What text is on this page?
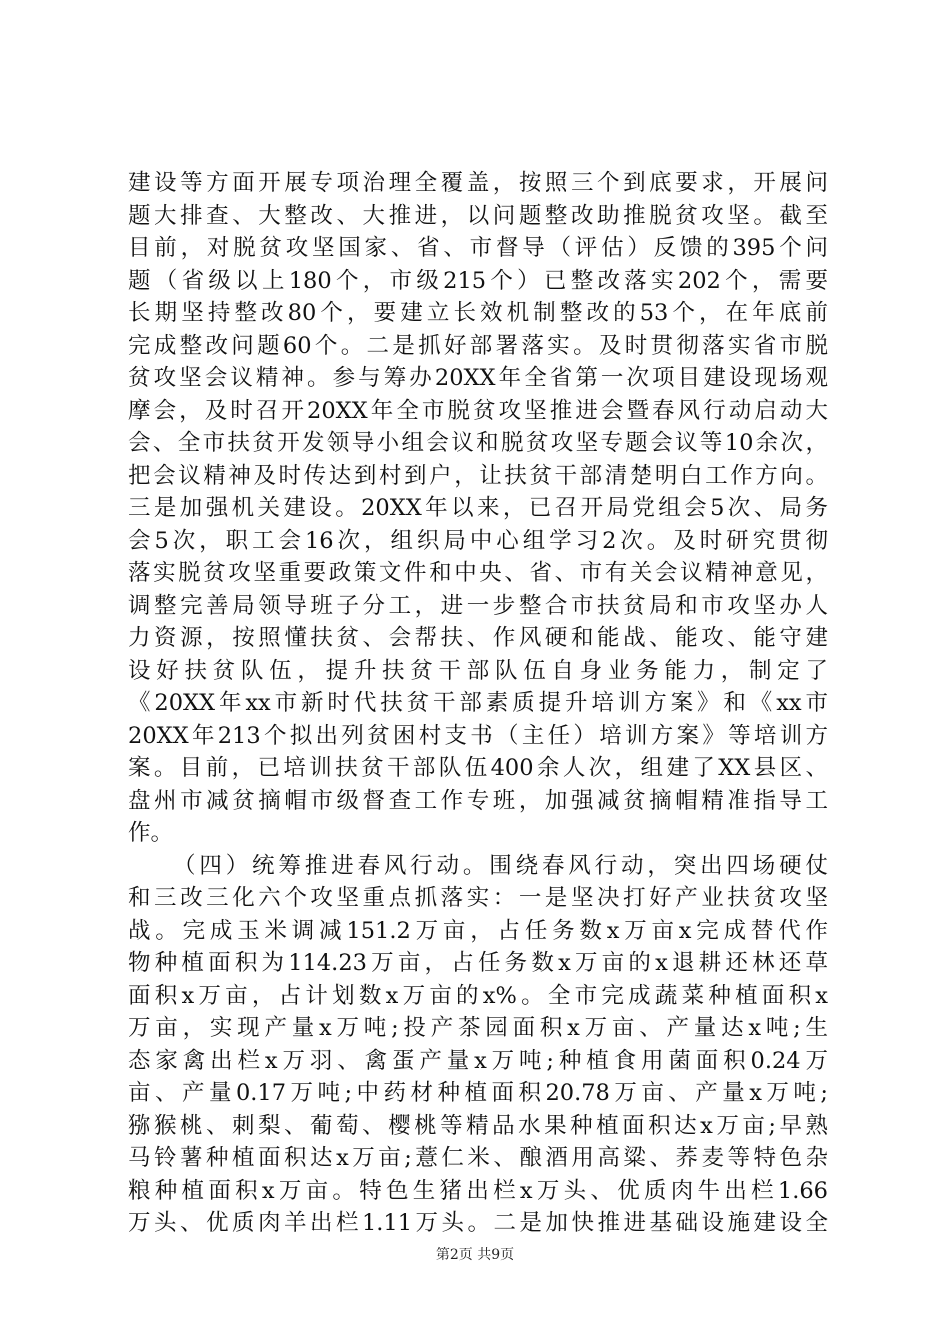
建设等方面开展专项治理全覆盖，按照三个到底要求，开展问
题大排查、大整改、大推进，以问题整改助推脱贫攻坚。截至
目前，对脱贫攻坚国家、省、市督导（评估）反馈的395个问
题（省级以上180个，市级215个）已整改落实202个，需要
长期坚持整改80个，要建立长效机制整改的53个，在年底前
完成整改问题60个。二是抓好部署落实。及时贯彻落实省市脱
贫攻坚会议精神。参与筹办20XX年全省第一次项目建设现场观
摩会，及时召开20XX年全市脱贫攻坚推进会暨春风行动启动大
会、全市扶贫开发领导小组会议和脱贫攻坚专题会议等10余次，
把会议精神及时传达到村到户，让扶贫干部清楚明白工作方向。
三是加强机关建设。20XX年以来，已召开局党组会5次、局务
会5次，职工会16次，组织局中心组学习2次。及时研究贯彻
落实脱贫攻坚重要政策文件和中央、省、市有关会议精神意见，
调整完善局领导班子分工，进一步整合市扶贫局和市攻坚办人
力资源，按照懂扶贫、会帮扶、作风硬和能战、能攻、能守建
设好扶贫队伍，提升扶贫干部队伍自身业务能力，制定了
《20XX年xx市新时代扶贫干部素质提升培训方案》和《xx市
20XX年213个拟出列贫困村支书（主任）培训方案》等培训方
案。目前，已培训扶贫干部队伍400余人次，组建了XX县区、
盘州市减贫摘帽市级督查工作专班，加强减贫摘帽精准指导工
作。
（四）统筹推进春风行动。围绕春风行动，突出四场硬仗
和三改三化六个攻坚重点抓落实：一是坚决打好产业扶贫攻坚
战。完成玉米调减151.2万亩，占任务数x万亩x完成替代作
物种植面积为114.23万亩，占任务数x万亩的x退耕还林还草
面积x万亩，占计划数x万亩的x%。全市完成蔬菜种植面积x
万亩，实现产量x万吨;投产茶园面积x万亩、产量达x吨;生
态家禽出栏x万羽、禽蛋产量x万吨;种植食用菌面积0.24万
亩、产量0.17万吨;中药材种植面积20.78万亩、产量x万吨;
猕猴桃、刺梨、葡萄、樱桃等精品水果种植面积达x万亩;早熟
马铃薯种植面积达x万亩;薏仁米、酿酒用高粱、荞麦等特色杂
粮种植面积x万亩。特色生猪出栏x万头、优质肉牛出栏1.66
万头、优质肉羊出栏1.11万头。二是加快推进基础设施建设全
第2页 共9页
